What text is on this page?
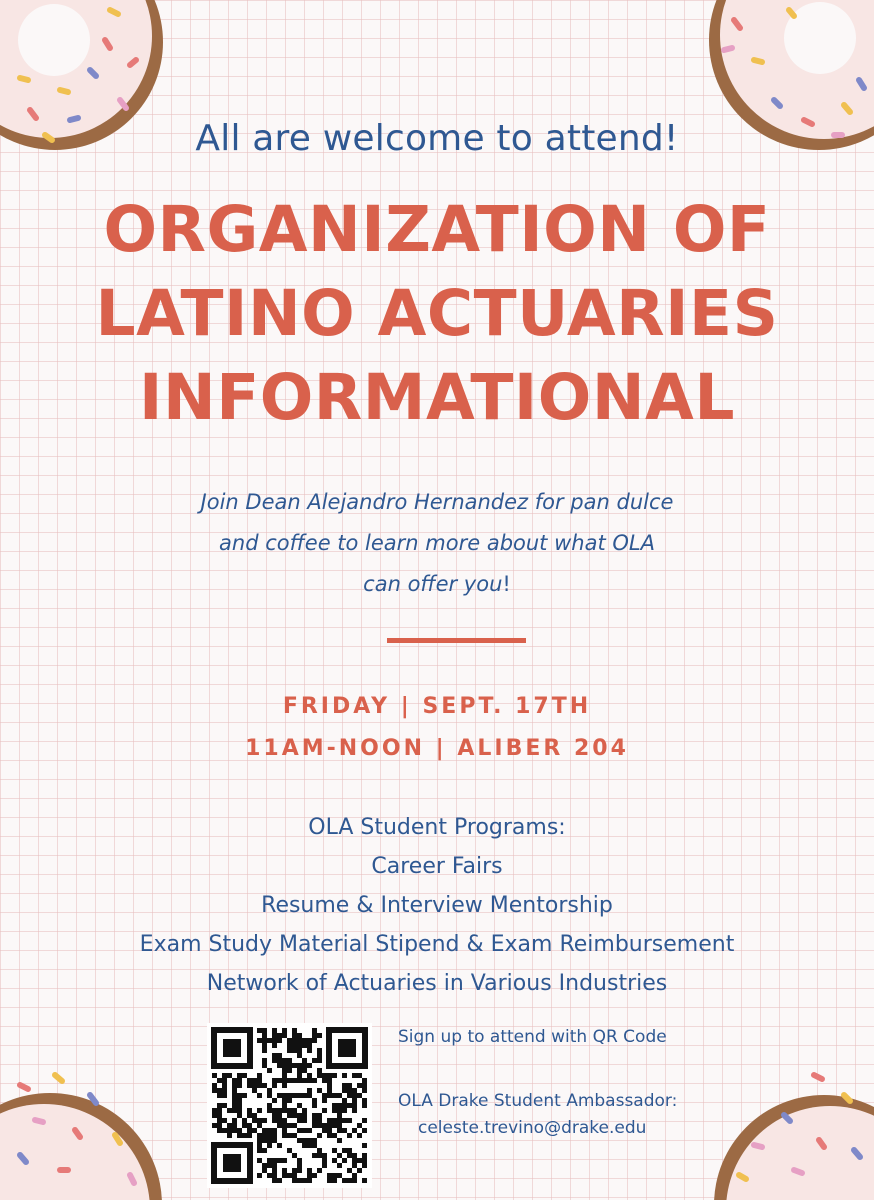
All are welcome to attend!
ORGANIZATION OF
LATINO ACTUARIES
INFORMATIONAL
Join Dean Alejandro Hernandez for pan dulce
and coffee to learn more about what OLA
can offer you!
FRIDAY | SEPT. 17TH
11AM-NOON | ALIBER 204
OLA Student Programs:
Career Fairs
Resume & Interview Mentorship
Exam Study Material Stipend & Exam Reimbursement
Network of Actuaries in Various Industries
Sign up to attend with QR Code
OLA Drake Student Ambassador:
celeste.trevino@drake.edu
